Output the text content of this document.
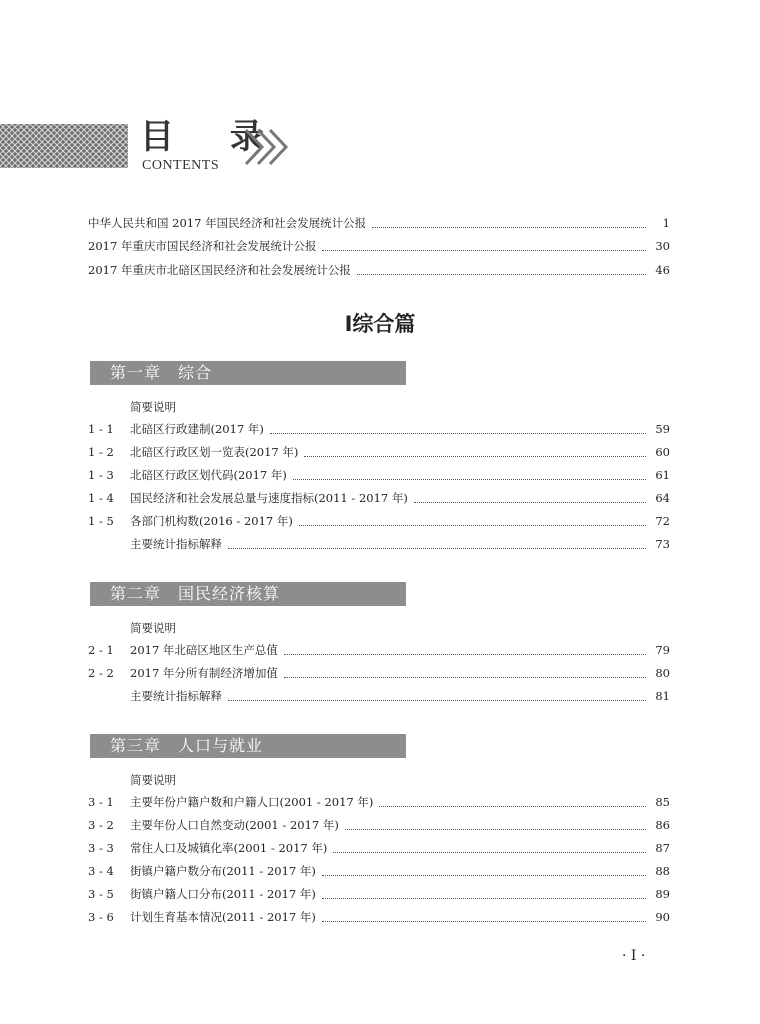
目 录
CONTENTS
中华人民共和国 2017 年国民经济和社会发展统计公报	1
2017 年重庆市国民经济和社会发展统计公报	30
2017 年重庆市北碚区国民经济和社会发展统计公报	46
Ⅰ综合篇
第一章　综合
简要说明
1 - 1	北碚区行政建制(2017 年)	59
1 - 2	北碚区行政区划一览表(2017 年)	60
1 - 3	北碚区行政区划代码(2017 年)	61
1 - 4	国民经济和社会发展总量与速度指标(2011 - 2017 年)	64
1 - 5	各部门机构数(2016 - 2017 年)	72
主要统计指标解释	73
第二章　国民经济核算
简要说明
2 - 1	2017 年北碚区地区生产总值	79
2 - 2	2017 年分所有制经济增加值	80
主要统计指标解释	81
第三章　人口与就业
简要说明
3 - 1	主要年份户籍户数和户籍人口(2001 - 2017 年)	85
3 - 2	主要年份人口自然变动(2001 - 2017 年)	86
3 - 3	常住人口及城镇化率(2001 - 2017 年)	87
3 - 4	街镇户籍户数分布(2011 - 2017 年)	88
3 - 5	街镇户籍人口分布(2011 - 2017 年)	89
3 - 6	计划生育基本情况(2011 - 2017 年)	90
· Ⅰ ·
